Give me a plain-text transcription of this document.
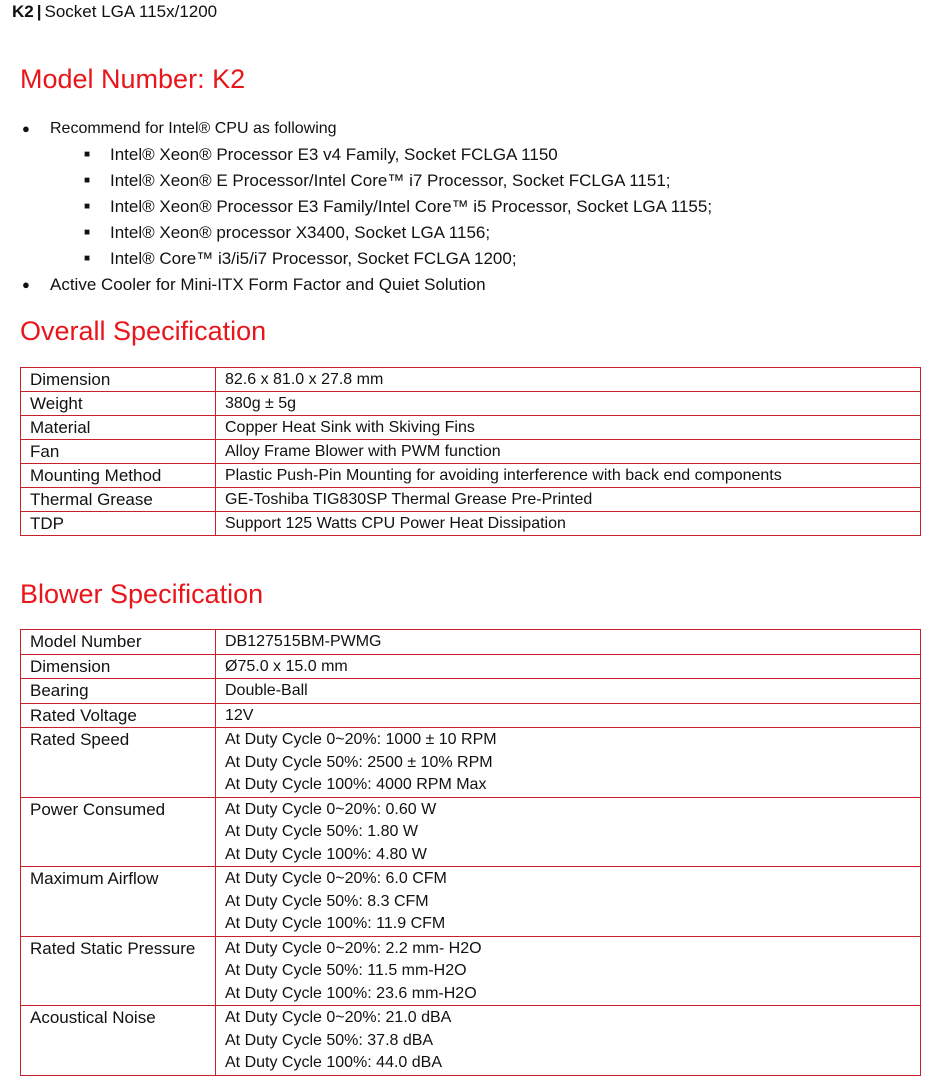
K2 | Socket LGA 115x/1200
Model Number: K2
● Recommend for Intel® CPU as following
■ Intel® Xeon® Processor E3 v4 Family, Socket FCLGA 1150
■ Intel® Xeon® E Processor/Intel Core™ i7 Processor, Socket FCLGA 1151;
■ Intel® Xeon® Processor E3 Family/Intel Core™ i5 Processor, Socket LGA 1155;
■ Intel® Xeon® processor X3400, Socket LGA 1156;
■ Intel® Core™ i3/i5/i7 Processor, Socket FCLGA 1200;
● Active Cooler for Mini-ITX Form Factor and Quiet Solution
Overall Specification
Dimension	82.6 x 81.0 x 27.8 mm
Weight	380g ± 5g
Material	Copper Heat Sink with Skiving Fins
Fan	Alloy Frame Blower with PWM function
Mounting Method	Plastic Push-Pin Mounting for avoiding interference with back end components
Thermal Grease	GE-Toshiba TIG830SP Thermal Grease Pre-Printed
TDP	Support 125 Watts CPU Power Heat Dissipation
Blower Specification
Model Number	DB127515BM-PWMG

Dimension	Ø75.0 x 15.0 mm

Bearing	Double-Ball

Rated Voltage	12V

Rated Speed	At Duty Cycle 0~20%: 1000 ± 10 RPM
At Duty Cycle 50%: 2500 ± 10% RPM
At Duty Cycle 100%: 4000 RPM Max

Power Consumed	At Duty Cycle 0~20%: 0.60 W
At Duty Cycle 50%: 1.80 W
At Duty Cycle 100%: 4.80 W

Maximum Airflow	At Duty Cycle 0~20%: 6.0 CFM
At Duty Cycle 50%: 8.3 CFM
At Duty Cycle 100%: 11.9 CFM

Rated Static Pressure	At Duty Cycle 0~20%: 2.2 mm- H2O
At Duty Cycle 50%: 11.5 mm-H2O
At Duty Cycle 100%: 23.6 mm-H2O

Acoustical Noise	At Duty Cycle 0~20%: 21.0 dBA
At Duty Cycle 50%: 37.8 dBA
At Duty Cycle 100%: 44.0 dBA
